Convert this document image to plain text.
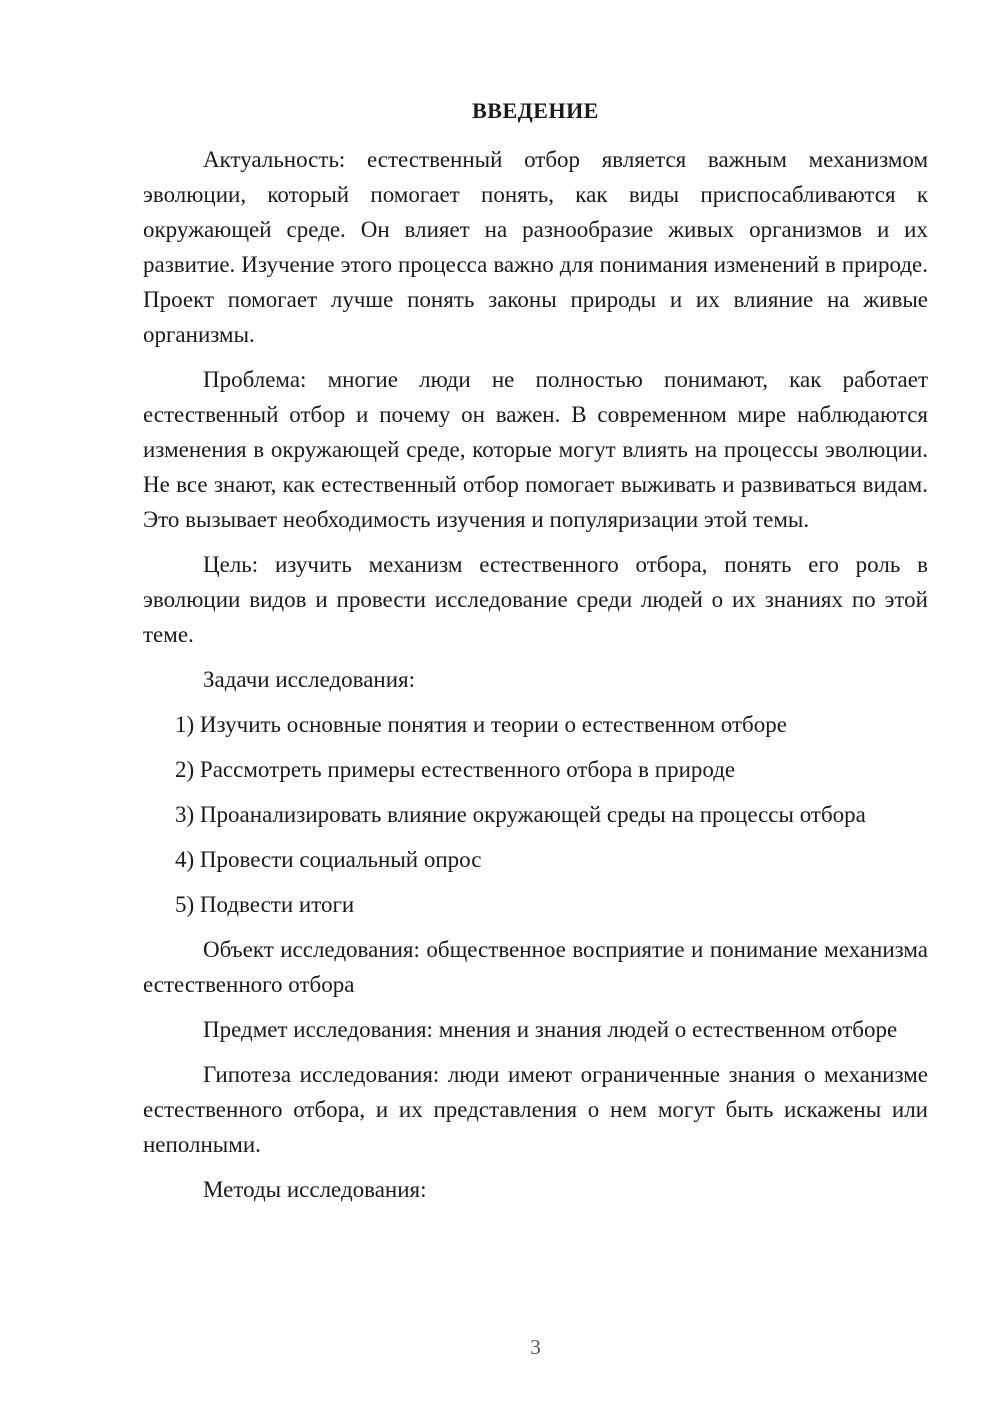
ВВЕДЕНИЕ

Актуальность: естественный отбор является важным механизмом эволюции, который помогает понять, как виды приспосабливаются к окружающей среде. Он влияет на разнообразие живых организмов и их развитие. Изучение этого процесса важно для понимания изменений в природе. Проект помогает лучше понять законы природы и их влияние на живые организмы.

Проблема: многие люди не полностью понимают, как работает естественный отбор и почему он важен. В современном мире наблюдаются изменения в окружающей среде, которые могут влиять на процессы эволюции. Не все знают, как естественный отбор помогает выживать и развиваться видам. Это вызывает необходимость изучения и популяризации этой темы.

Цель: изучить механизм естественного отбора, понять его роль в эволюции видов и провести исследование среди людей о их знаниях по этой теме.

Задачи исследования:

1) Изучить основные понятия и теории о естественном отборе

2) Рассмотреть примеры естественного отбора в природе

3) Проанализировать влияние окружающей среды на процессы отбора

4) Провести социальный опрос

5) Подвести итоги

Объект исследования: общественное восприятие и понимание механизма естественного отбора

Предмет исследования: мнения и знания людей о естественном отборе

Гипотеза исследования: люди имеют ограниченные знания о механизме естественного отбора, и их представления о нем могут быть искажены или неполными.

Методы исследования:

3
